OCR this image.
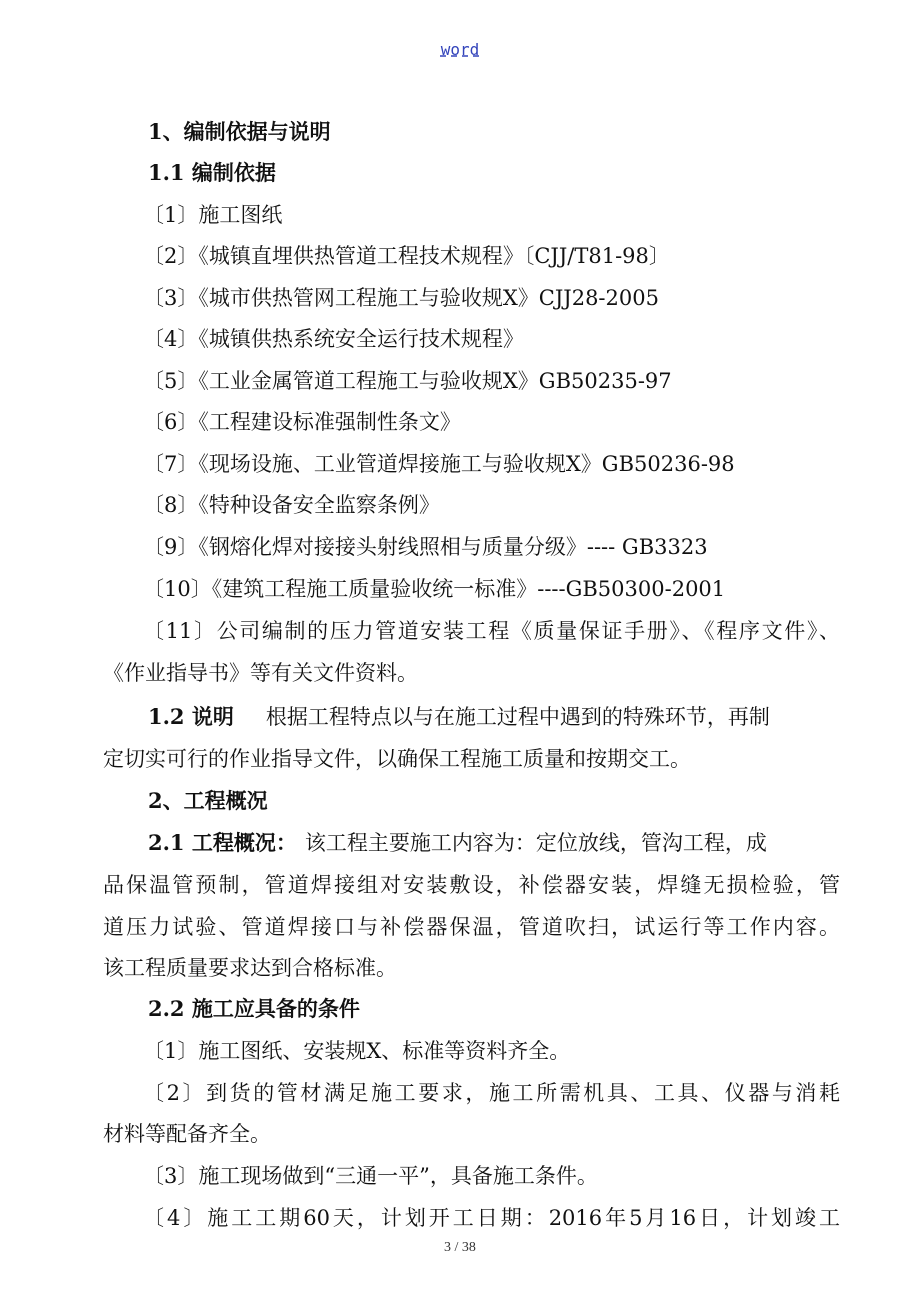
word
1、编制依据与说明
1.1 编制依据
〔1〕施工图纸
〔2〕《城镇直埋供热管道工程技术规程》〔CJJ/T81-98〕
〔3〕《城市供热管网工程施工与验收规X》CJJ28-2005
〔4〕《城镇供热系统安全运行技术规程》
〔5〕《工业金属管道工程施工与验收规X》GB50235-97
〔6〕《工程建设标准强制性条文》
〔7〕《现场设施、工业管道焊接施工与验收规X》GB50236-98
〔8〕《特种设备安全监察条例》
〔9〕《钢熔化焊对接接头射线照相与质量分级》---- GB3323
〔10〕《建筑工程施工质量验收统一标准》----GB50300-2001
〔11〕公司编制的压力管道安装工程《质量保证手册》、《程序文件》、
《作业指导书》等有关文件资料。
1.2 说明 根据工程特点以与在施工过程中遇到的特殊环节，再制
定切实可行的作业指导文件，以确保工程施工质量和按期交工。
2、工程概况
2.1 工程概况： 该工程主要施工内容为：定位放线，管沟工程，成
品保温管预制，管道焊接组对安装敷设，补偿器安装，焊缝无损检验，管
道压力试验、管道焊接口与补偿器保温，管道吹扫，试运行等工作内容。
该工程质量要求达到合格标准。
2.2 施工应具备的条件
〔1〕施工图纸、安装规X、标准等资料齐全。
〔2〕到货的管材满足施工要求，施工所需机具、工具、仪器与消耗
材料等配备齐全。
〔3〕施工现场做到“三通一平”，具备施工条件。
〔4〕施工工期60天，计划开工日期：2016年5月16日，计划竣工
3 / 38
